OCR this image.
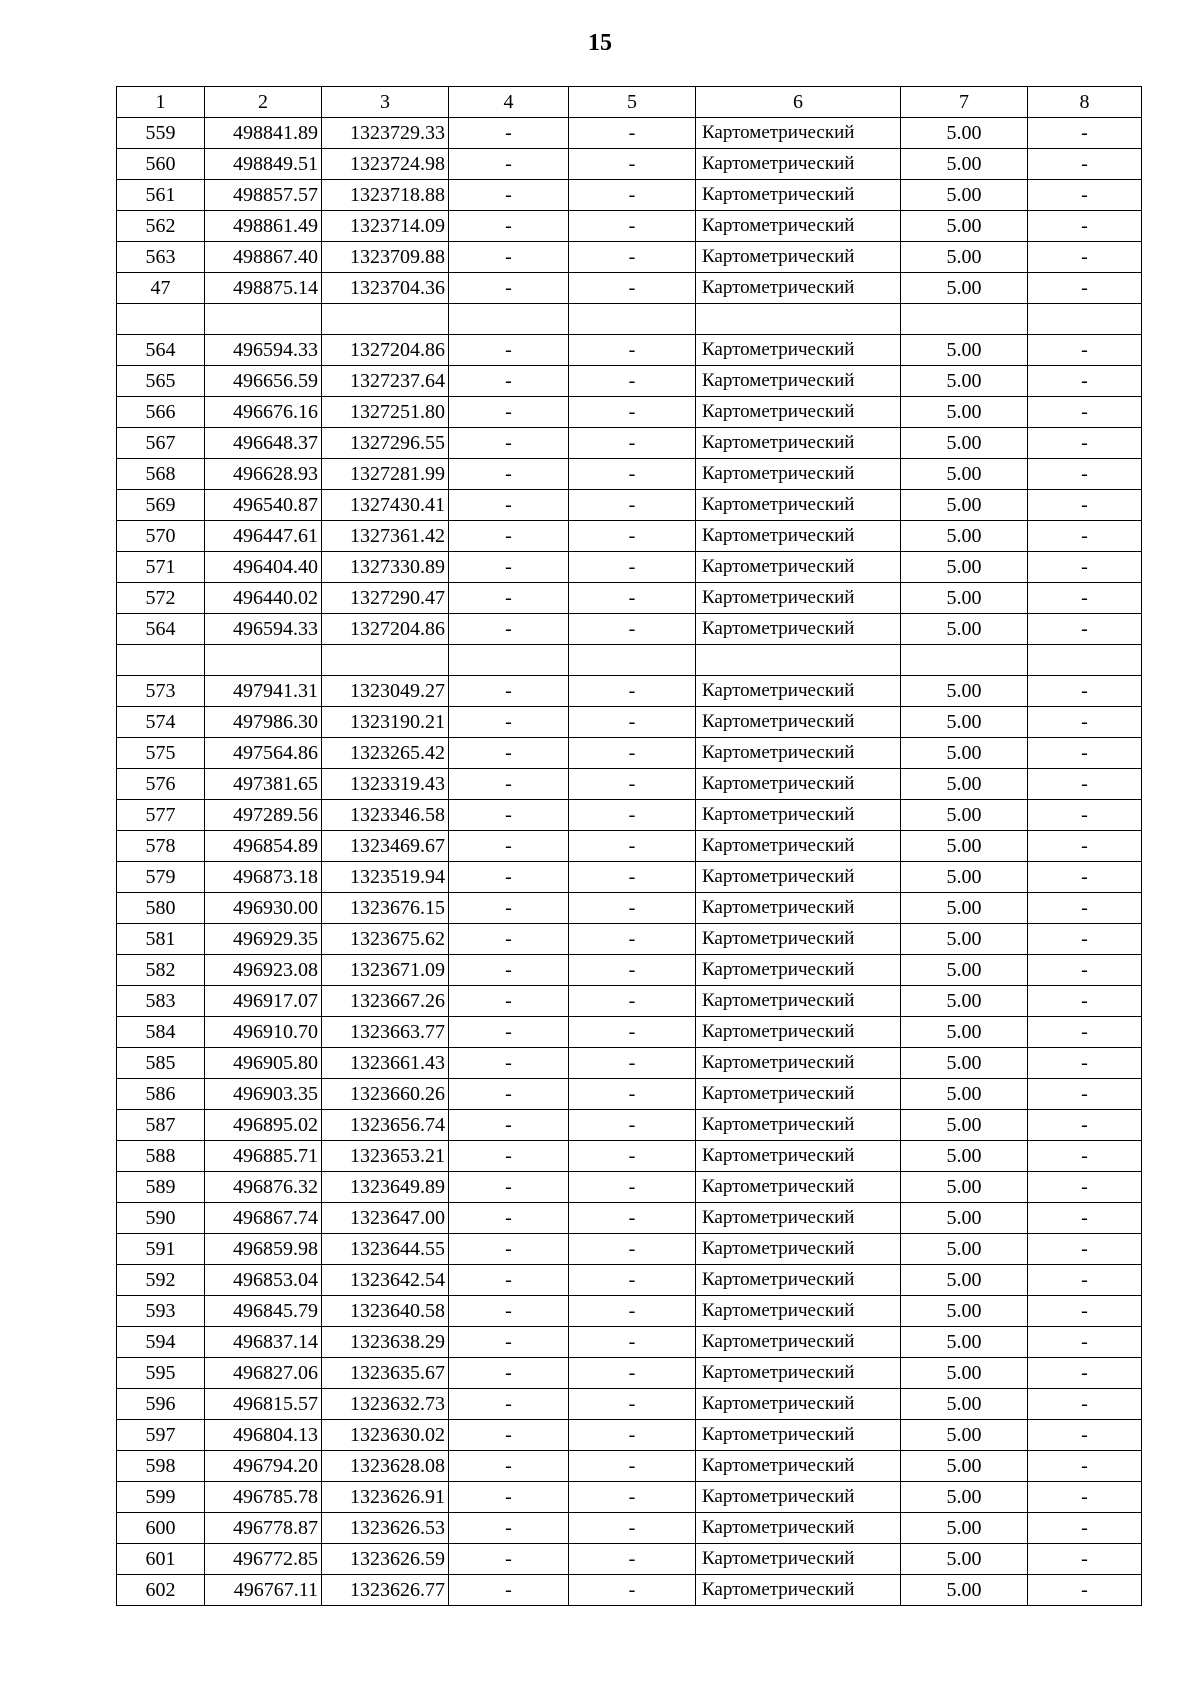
15
1	2	3	4	5	6	7	8
559	498841.89	1323729.33	-	-	Картометрический	5.00	-
560	498849.51	1323724.98	-	-	Картометрический	5.00	-
561	498857.57	1323718.88	-	-	Картометрический	5.00	-
562	498861.49	1323714.09	-	-	Картометрический	5.00	-
563	498867.40	1323709.88	-	-	Картометрический	5.00	-
47	498875.14	1323704.36	-	-	Картометрический	5.00	-

564	496594.33	1327204.86	-	-	Картометрический	5.00	-
565	496656.59	1327237.64	-	-	Картометрический	5.00	-
566	496676.16	1327251.80	-	-	Картометрический	5.00	-
567	496648.37	1327296.55	-	-	Картометрический	5.00	-
568	496628.93	1327281.99	-	-	Картометрический	5.00	-
569	496540.87	1327430.41	-	-	Картометрический	5.00	-
570	496447.61	1327361.42	-	-	Картометрический	5.00	-
571	496404.40	1327330.89	-	-	Картометрический	5.00	-
572	496440.02	1327290.47	-	-	Картометрический	5.00	-
564	496594.33	1327204.86	-	-	Картометрический	5.00	-

573	497941.31	1323049.27	-	-	Картометрический	5.00	-
574	497986.30	1323190.21	-	-	Картометрический	5.00	-
575	497564.86	1323265.42	-	-	Картометрический	5.00	-
576	497381.65	1323319.43	-	-	Картометрический	5.00	-
577	497289.56	1323346.58	-	-	Картометрический	5.00	-
578	496854.89	1323469.67	-	-	Картометрический	5.00	-
579	496873.18	1323519.94	-	-	Картометрический	5.00	-
580	496930.00	1323676.15	-	-	Картометрический	5.00	-
581	496929.35	1323675.62	-	-	Картометрический	5.00	-
582	496923.08	1323671.09	-	-	Картометрический	5.00	-
583	496917.07	1323667.26	-	-	Картометрический	5.00	-
584	496910.70	1323663.77	-	-	Картометрический	5.00	-
585	496905.80	1323661.43	-	-	Картометрический	5.00	-
586	496903.35	1323660.26	-	-	Картометрический	5.00	-
587	496895.02	1323656.74	-	-	Картометрический	5.00	-
588	496885.71	1323653.21	-	-	Картометрический	5.00	-
589	496876.32	1323649.89	-	-	Картометрический	5.00	-
590	496867.74	1323647.00	-	-	Картометрический	5.00	-
591	496859.98	1323644.55	-	-	Картометрический	5.00	-
592	496853.04	1323642.54	-	-	Картометрический	5.00	-
593	496845.79	1323640.58	-	-	Картометрический	5.00	-
594	496837.14	1323638.29	-	-	Картометрический	5.00	-
595	496827.06	1323635.67	-	-	Картометрический	5.00	-
596	496815.57	1323632.73	-	-	Картометрический	5.00	-
597	496804.13	1323630.02	-	-	Картометрический	5.00	-
598	496794.20	1323628.08	-	-	Картометрический	5.00	-
599	496785.78	1323626.91	-	-	Картометрический	5.00	-
600	496778.87	1323626.53	-	-	Картометрический	5.00	-
601	496772.85	1323626.59	-	-	Картометрический	5.00	-
602	496767.11	1323626.77	-	-	Картометрический	5.00	-
